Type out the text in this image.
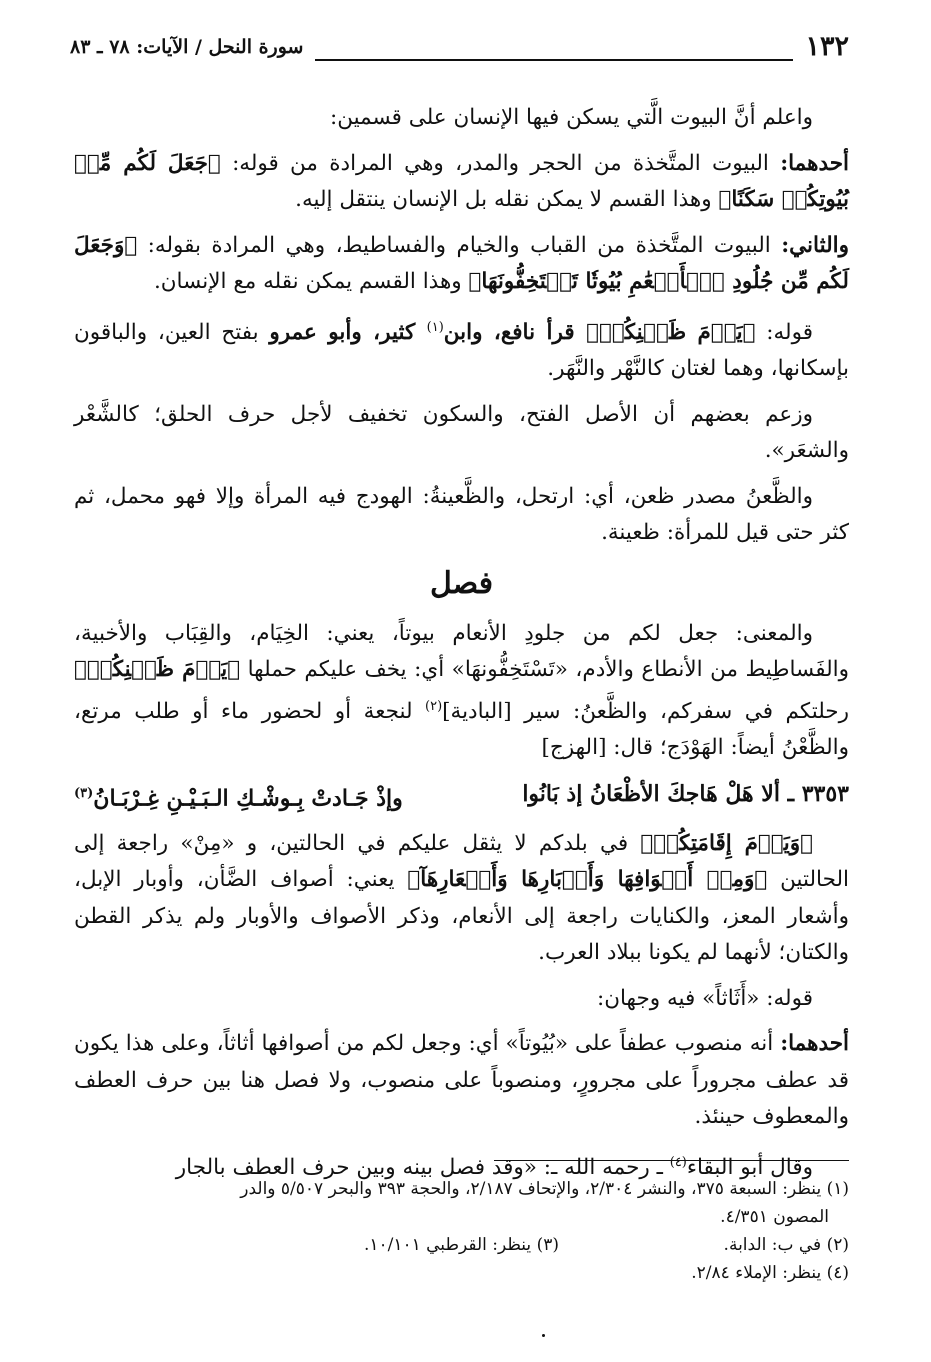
١٣٢
سورة النحل / الآيات: ٧٨ ـ ٨٣

واعلم أنَّ البيوت الَّتي يسكن فيها الإنسان على قسمين:

أحدهما: البيوت المتَّخذة من الحجر والمدر، وهي المرادة من قوله: ﴿جَعَلَ لَكُم مِّنۢ بُيُوتِكُمۡ سَكَنًا﴾ وهذا القسم لا يمكن نقله بل الإنسان ينتقل إليه.

والثاني: البيوت المتَّخذة من القباب والخيام والفساطيط، وهي المرادة بقوله: ﴿وَجَعَلَ لَكُم مِّن جُلُودِ ٱلۡأَنۡعَٰمِ بُيُوتٗا تَسۡتَخِفُّونَهَا﴾ وهذا القسم يمكن نقله مع الإنسان.

قوله: ﴿يَوۡمَ ظَعۡنِكُمۡ﴾ قرأ نافع، وابن$^{(١)}$ كثير، وأبو عمرو بفتح العين، والباقون بإسكانها، وهما لغتان كالنَّهْر والنَّهَر.

وزعم بعضهم أن الأصل الفتح، والسكون تخفيف لأجل حرف الحلق؛ كالشَّعْر والشعَر».

والظَّعنُ مصدر ظعن، أي: ارتحل، والظَّعينةُ: الهودج فيه المرأة وإلا فهو محمل، ثم كثر حتى قيل للمرأة: ظعينة.

فصل

والمعنى: جعل لكم من جلودِ الأنعام بيوتاً، يعني: الخِيَام، والقِبَاب والأخبية، والفَساطِيط من الأنطاع والأدم، «تَسْتَخِفُّونهَا» أي: يخف عليكم حملها ﴿يَوۡمَ ظَعۡنِكُمۡ﴾ رحلتكم في سفركم، والظَّعنُ: سير [البادية]$^{(٢)}$ لنجعة أو لحضور ماء أو طلب مرتع، والظَّعْنُ أيضاً: الهَوْدَج؛ قال: [الهزج]

٣٣٥٣ ـ ألا هَلْ هَاجكَ الأظْعَانُ إذ بَانُوا
وإذْ جَـادتْ بِـوشْـكِ الـبَـيْـنِ غِـرْبَـانُ$^{(٣)}$

﴿وَيَوۡمَ إِقَامَتِكُمۡ﴾ في بلدكم لا يثقل عليكم في الحالتين، و «مِنْ» راجعة إلى الحالتين ﴿وَمِنۡ أَصۡوَافِهَا وَأَوۡبَارِهَا وَأَشۡعَارِهَآ﴾ يعني: أصواف الضَّأن، وأوبار الإبل، وأشعار المعز، والكنايات راجعة إلى الأنعام، وذكر الأصواف والأوبار ولم يذكر القطن والكتان؛ لأنهما لم يكونا ببلاد العرب.

قوله: «أَثَاثاً» فيه وجهان:

أحدهما: أنه منصوب عطفاً على «بُيُوتاً» أي: وجعل لكم من أصوافها أثاثاً، وعلى هذا يكون قد عطف مجروراً على مجرورٍ، ومنصوباً على منصوب، ولا فصل هنا بين حرف العطف والمعطوف حينئذ.

وقال أبو البقاء$^{(٤)}$ ـ رحمه الله ـ: «وقد فصل بينه وبين حرف العطف بالجار

(١) ينظر: السبعة ٣٧٥، والنشر ٢/٣٠٤، والإتحاف ٢/١٨٧، والحجة ٣٩٣ والبحر ٥/٥٠٧ والدر

المصون ٤/٣٥١.

(٢) في ب: الدابة.

(٣) ينظر: القرطبي ١٠/١٠١.

(٤) ينظر: الإملاء ٢/٨٤.
